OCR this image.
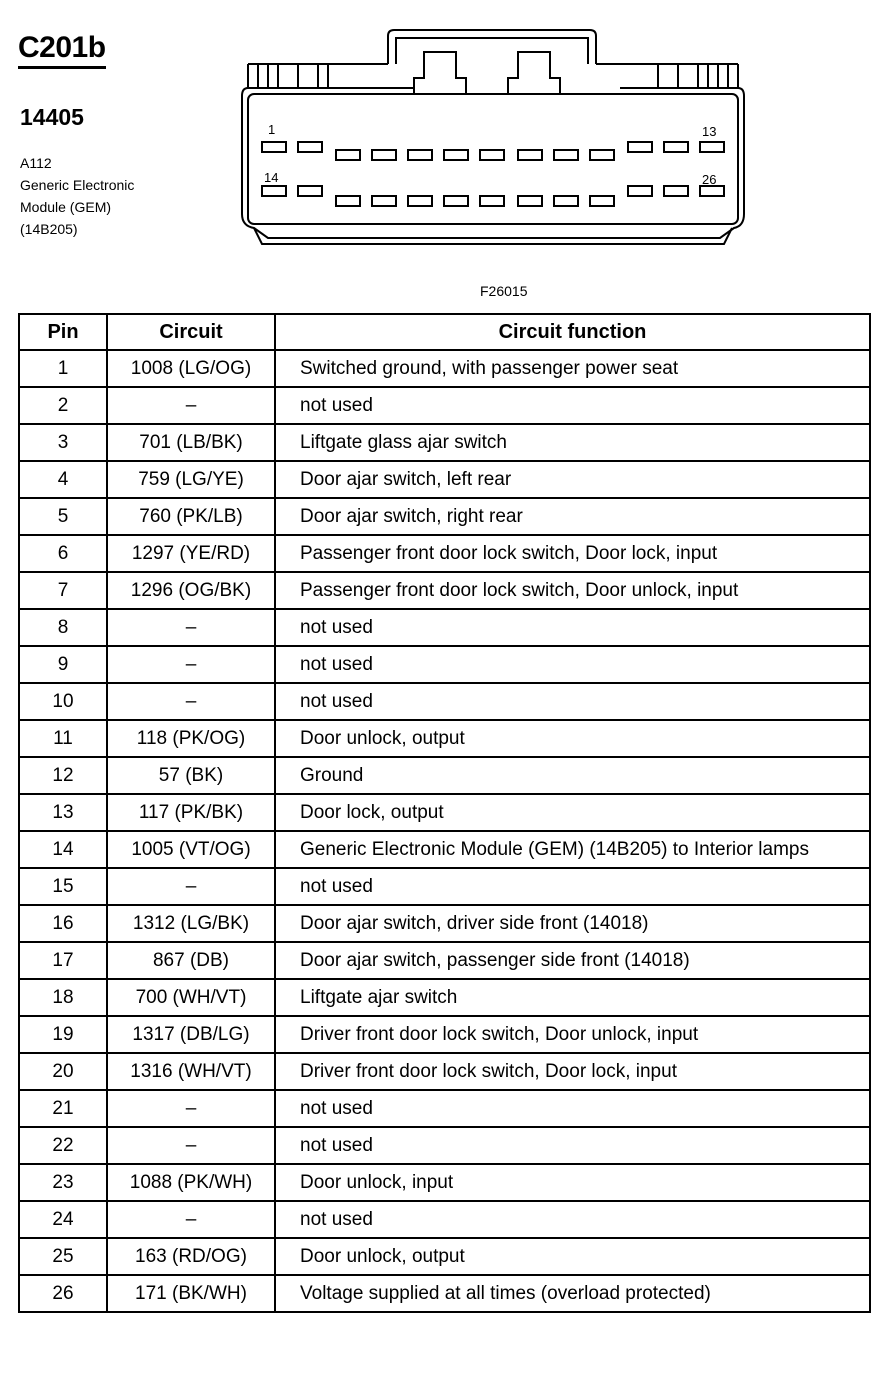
C201b
14405
A112
Generic Electronic
Module (GEM)
(14B205)
1	13
14	26
F26015
Pin	Circuit	Circuit function
1	1008 (LG/OG)	Switched ground, with passenger power seat
2	–	not used
3	701 (LB/BK)	Liftgate glass ajar switch
4	759 (LG/YE)	Door ajar switch, left rear
5	760 (PK/LB)	Door ajar switch, right rear
6	1297 (YE/RD)	Passenger front door lock switch, Door lock, input
7	1296 (OG/BK)	Passenger front door lock switch, Door unlock, input
8	–	not used
9	–	not used
10	–	not used
11	118 (PK/OG)	Door unlock, output
12	57 (BK)	Ground
13	117 (PK/BK)	Door lock, output
14	1005 (VT/OG)	Generic Electronic Module (GEM) (14B205) to Interior lamps
15	–	not used
16	1312 (LG/BK)	Door ajar switch, driver side front (14018)
17	867 (DB)	Door ajar switch, passenger side front (14018)
18	700 (WH/VT)	Liftgate ajar switch
19	1317 (DB/LG)	Driver front door lock switch, Door unlock, input
20	1316 (WH/VT)	Driver front door lock switch, Door lock, input
21	–	not used
22	–	not used
23	1088 (PK/WH)	Door unlock, input
24	–	not used
25	163 (RD/OG)	Door unlock, output
26	171 (BK/WH)	Voltage supplied at all times (overload protected)
